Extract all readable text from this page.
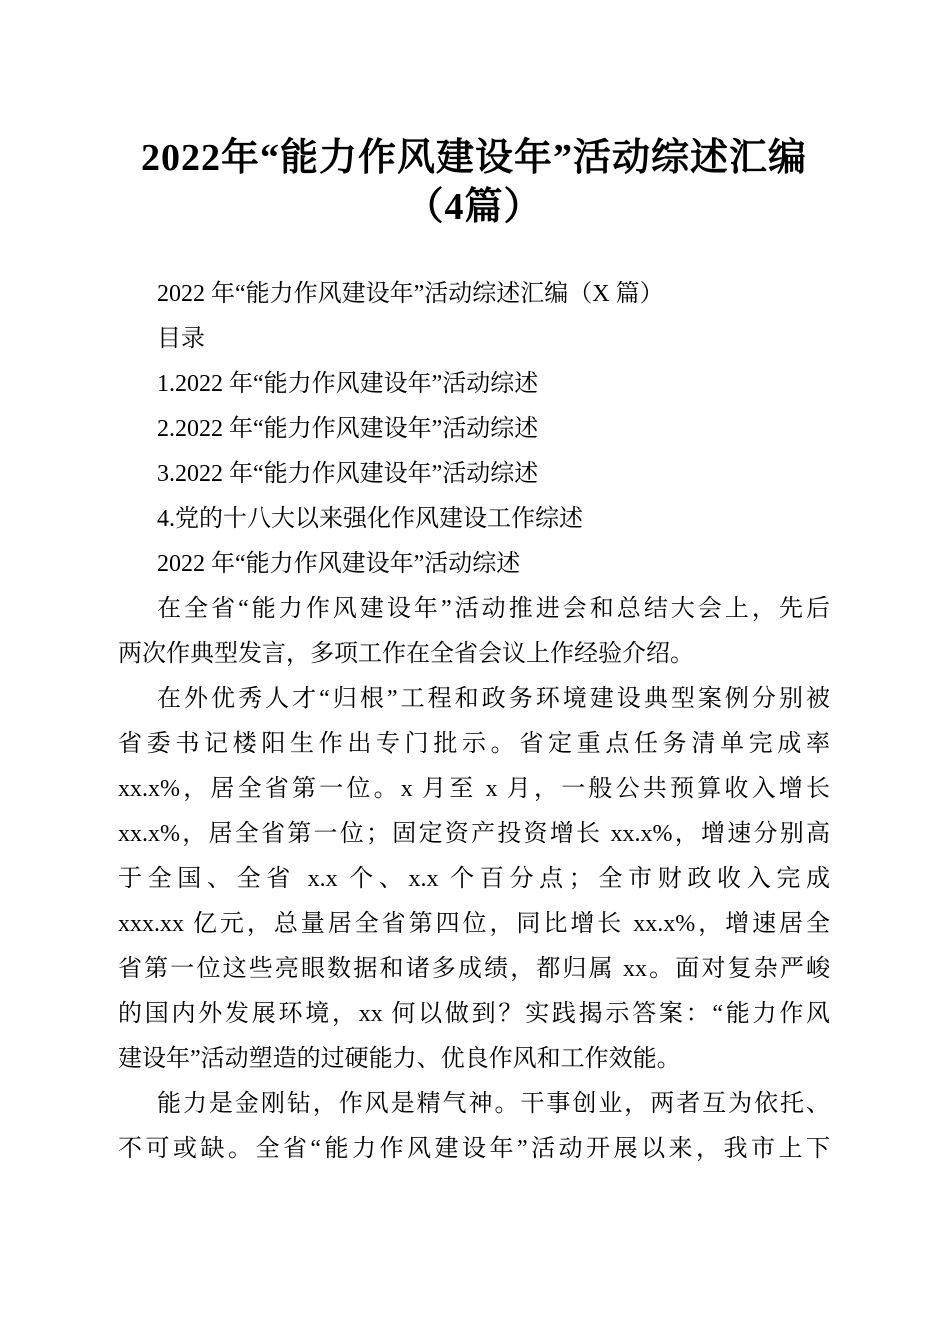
2022年“能力作风建设年”活动综述汇编（4篇）
2022 年“能力作风建设年”活动综述汇编（X 篇）
目录
1.2022 年“能力作风建设年”活动综述
2.2022 年“能力作风建设年”活动综述
3.2022 年“能力作风建设年”活动综述
4.党的十八大以来强化作风建设工作综述
2022 年“能力作风建设年”活动综述
在全省“能力作风建设年”活动推进会和总结大会上，先后
两次作典型发言，多项工作在全省会议上作经验介绍。
在外优秀人才“归根”工程和政务环境建设典型案例分别被
省委书记楼阳生作出专门批示。省定重点任务清单完成率
xx.x%，居全省第一位。x 月至 x 月，一般公共预算收入增长
xx.x%，居全省第一位；固定资产投资增长 xx.x%，增速分别高
于全国、全省 x.x 个、x.x 个百分点；全市财政收入完成
xxx.xx 亿元，总量居全省第四位，同比增长 xx.x%，增速居全
省第一位这些亮眼数据和诸多成绩，都归属 xx。面对复杂严峻
的国内外发展环境，xx 何以做到？实践揭示答案：“能力作风
建设年”活动塑造的过硬能力、优良作风和工作效能。
能力是金刚钻，作风是精气神。干事创业，两者互为依托、
不可或缺。全省“能力作风建设年”活动开展以来，我市上下
